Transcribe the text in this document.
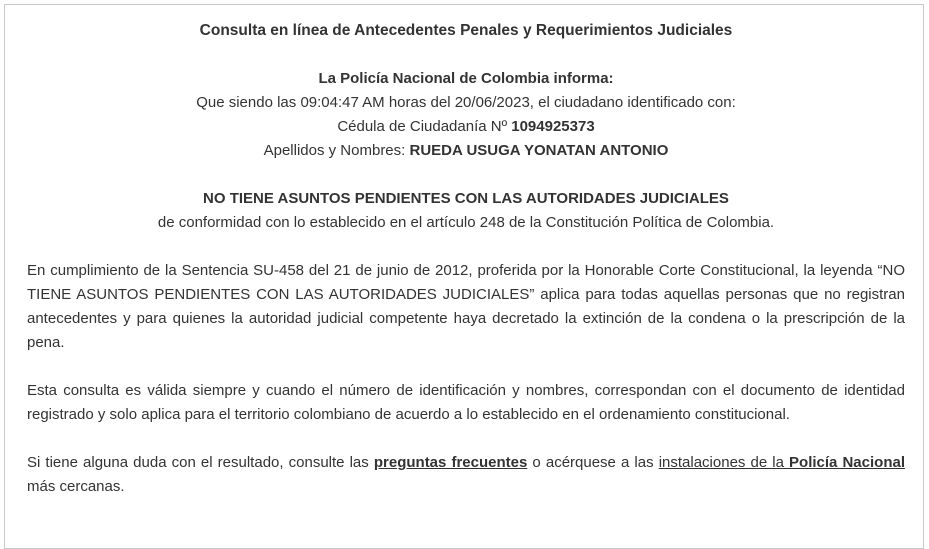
Consulta en línea de Antecedentes Penales y Requerimientos Judiciales

La Policía Nacional de Colombia informa:

Que siendo las 09:04:47 AM horas del 20/06/2023, el ciudadano identificado con:

Cédula de Ciudadanía Nº 1094925373

Apellidos y Nombres: RUEDA USUGA YONATAN ANTONIO

NO TIENE ASUNTOS PENDIENTES CON LAS AUTORIDADES JUDICIALES

de conformidad con lo establecido en el artículo 248 de la Constitución Política de Colombia.

En cumplimiento de la Sentencia SU-458 del 21 de junio de 2012, proferida por la Honorable Corte Constitucional, la leyenda “NO TIENE ASUNTOS PENDIENTES CON LAS AUTORIDADES JUDICIALES” aplica para todas aquellas personas que no registran antecedentes y para quienes la autoridad judicial competente haya decretado la extinción de la condena o la prescripción de la pena.

Esta consulta es válida siempre y cuando el número de identificación y nombres, correspondan con el documento de identidad registrado y solo aplica para el territorio colombiano de acuerdo a lo establecido en el ordenamiento constitucional.

Si tiene alguna duda con el resultado, consulte las preguntas frecuentes o acérquese a las instalaciones de la Policía Nacional más cercanas.
